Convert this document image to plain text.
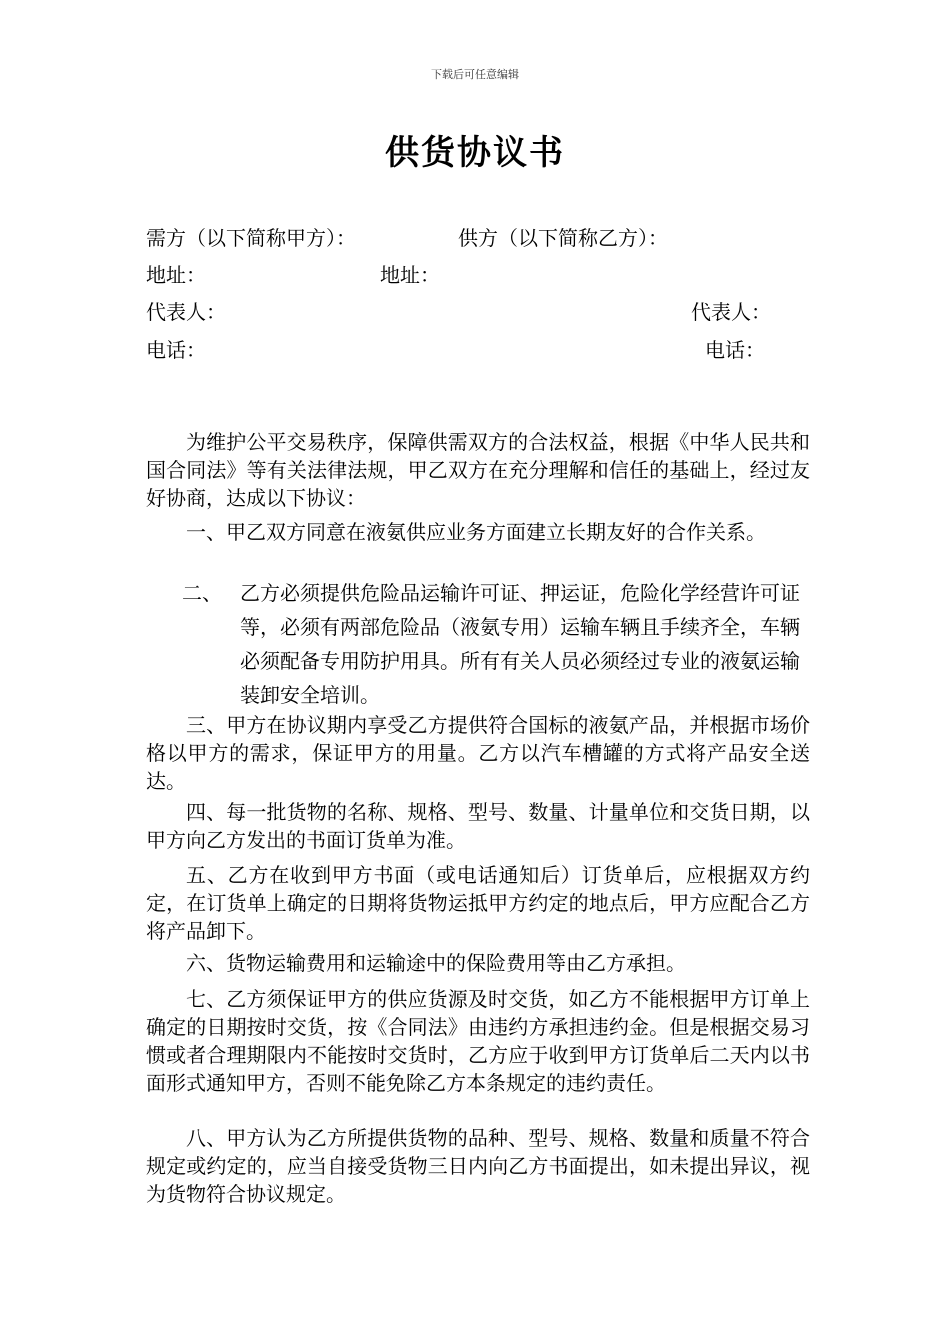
下载后可任意编辑
供货协议书
需方（以下简称甲方）：	供方（以下简称乙方）：
地址：	地址：
代表人：	代表人：
电话：	电话：
为维护公平交易秩序，保障供需双方的合法权益，根据《中华人民共和国合同法》等有关法律法规，甲乙双方在充分理解和信任的基础上，经过友好协商，达成以下协议：
一、甲乙双方同意在液氨供应业务方面建立长期友好的合作关系。
二、 乙方必须提供危险品运输许可证、押运证，危险化学经营许可证等，必须有两部危险品（液氨专用）运输车辆且手续齐全，车辆必须配备专用防护用具。所有有关人员必须经过专业的液氨运输装卸安全培训。
三、甲方在协议期内享受乙方提供符合国标的液氨产品，并根据市场价格以甲方的需求，保证甲方的用量。乙方以汽车槽罐的方式将产品安全送达。
四、每一批货物的名称、规格、型号、数量、计量单位和交货日期，以甲方向乙方发出的书面订货单为准。
五、乙方在收到甲方书面（或电话通知后）订货单后，应根据双方约定，在订货单上确定的日期将货物运抵甲方约定的地点后，甲方应配合乙方将产品卸下。
六、货物运输费用和运输途中的保险费用等由乙方承担。
七、乙方须保证甲方的供应货源及时交货，如乙方不能根据甲方订单上确定的日期按时交货，按《合同法》由违约方承担违约金。但是根据交易习惯或者合理期限内不能按时交货时，乙方应于收到甲方订货单后二天内以书面形式通知甲方，否则不能免除乙方本条规定的违约责任。
八、甲方认为乙方所提供货物的品种、型号、规格、数量和质量不符合规定或约定的，应当自接受货物三日内向乙方书面提出，如未提出异议，视为货物符合协议规定。
